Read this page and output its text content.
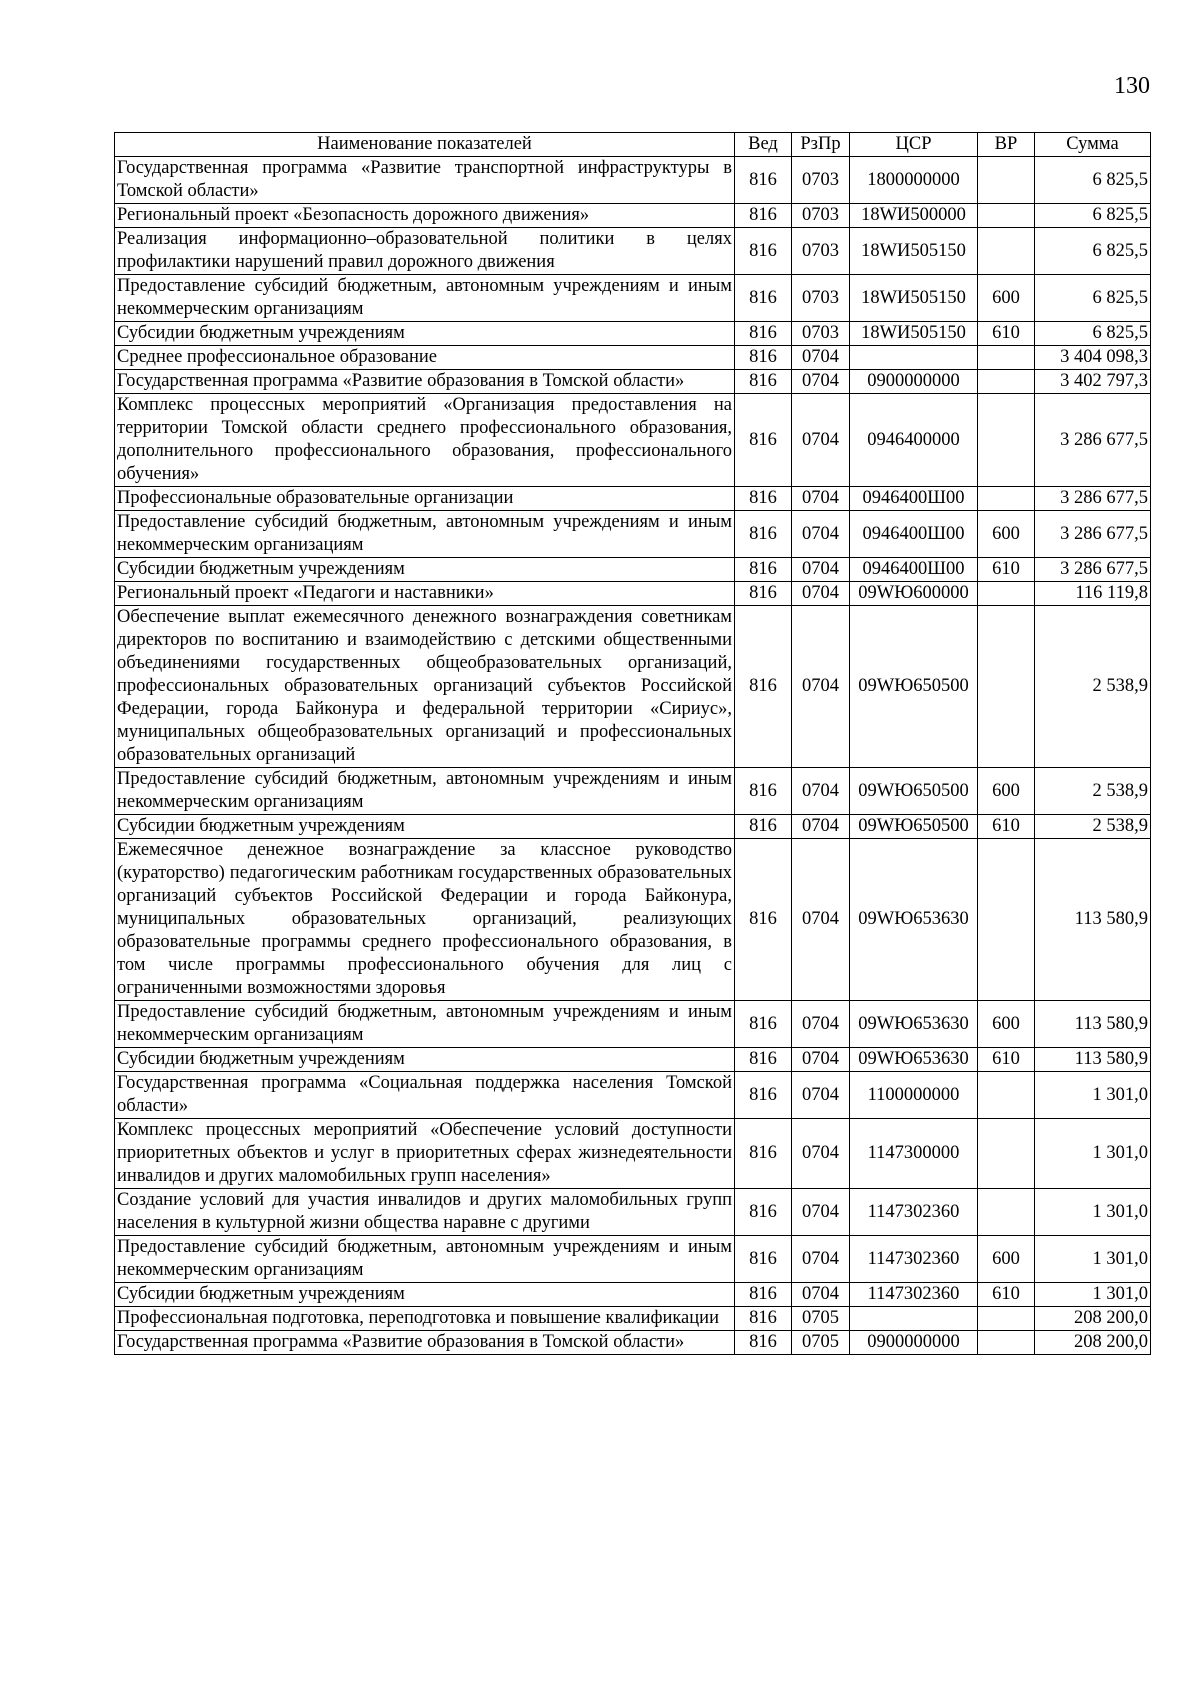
130
Наименование показателей	Вед	РзПр	ЦСР	ВР	Сумма
Государственная программа «Развитие транспортной инфраструктуры в Томской области»	816	0703	1800000000		6 825,5
Региональный проект «Безопасность дорожного движения»	816	0703	18WИ500000		6 825,5
Реализация информационно–образовательной политики в целях профилактики нарушений правил дорожного движения	816	0703	18WИ505150		6 825,5
Предоставление субсидий бюджетным, автономным учреждениям и иным некоммерческим организациям	816	0703	18WИ505150	600	6 825,5
Субсидии бюджетным учреждениям	816	0703	18WИ505150	610	6 825,5
Среднее профессиональное образование	816	0704			3 404 098,3
Государственная программа «Развитие образования в Томской области»	816	0704	0900000000		3 402 797,3
Комплекс процессных мероприятий «Организация предоставления на территории Томской области среднего профессионального образования, дополнительного профессионального образования, профессионального обучения»	816	0704	0946400000		3 286 677,5
Профессиональные образовательные организации	816	0704	0946400Ш00		3 286 677,5
Предоставление субсидий бюджетным, автономным учреждениям и иным некоммерческим организациям	816	0704	0946400Ш00	600	3 286 677,5
Субсидии бюджетным учреждениям	816	0704	0946400Ш00	610	3 286 677,5
Региональный проект «Педагоги и наставники»	816	0704	09WЮ600000		116 119,8
Обеспечение выплат ежемесячного денежного вознаграждения советникам директоров по воспитанию и взаимодействию с детскими общественными объединениями государственных общеобразовательных организаций, профессиональных образовательных организаций субъектов Российской Федерации, города Байконура и федеральной территории «Сириус», муниципальных общеобразовательных организаций и профессиональных образовательных организаций	816	0704	09WЮ650500		2 538,9
Предоставление субсидий бюджетным, автономным учреждениям и иным некоммерческим организациям	816	0704	09WЮ650500	600	2 538,9
Субсидии бюджетным учреждениям	816	0704	09WЮ650500	610	2 538,9
Ежемесячное денежное вознаграждение за классное руководство (кураторство) педагогическим работникам государственных образовательных организаций субъектов Российской Федерации и города Байконура, муниципальных образовательных организаций, реализующих образовательные программы среднего профессионального образования, в том числе программы профессионального обучения для лиц с ограниченными возможностями здоровья	816	0704	09WЮ653630		113 580,9
Предоставление субсидий бюджетным, автономным учреждениям и иным некоммерческим организациям	816	0704	09WЮ653630	600	113 580,9
Субсидии бюджетным учреждениям	816	0704	09WЮ653630	610	113 580,9
Государственная программа «Социальная поддержка населения Томской области»	816	0704	1100000000		1 301,0
Комплекс процессных мероприятий «Обеспечение условий доступности приоритетных объектов и услуг в приоритетных сферах жизнедеятельности инвалидов и других маломобильных групп населения»	816	0704	1147300000		1 301,0
Создание условий для участия инвалидов и других маломобильных групп населения в культурной жизни общества наравне с другими	816	0704	1147302360		1 301,0
Предоставление субсидий бюджетным, автономным учреждениям и иным некоммерческим организациям	816	0704	1147302360	600	1 301,0
Субсидии бюджетным учреждениям	816	0704	1147302360	610	1 301,0
Профессиональная подготовка, переподготовка и повышение квалификации	816	0705			208 200,0
Государственная программа «Развитие образования в Томской области»	816	0705	0900000000		208 200,0
